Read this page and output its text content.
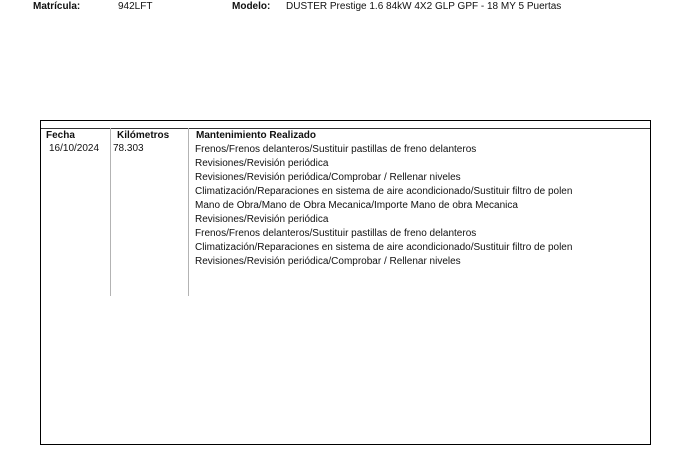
Matrícula:	942LFT	Modelo: DUSTER Prestige 1.6 84kW 4X2 GLP GPF - 18 MY 5 Puertas
Fecha	Kilómetros	Mantenimiento Realizado
16/10/2024 78.303	Frenos/Frenos delanteros/Sustituir pastillas de freno delanteros
Revisiones/Revisión periódica
Revisiones/Revisión periódica/Comprobar / Rellenar niveles
Climatización/Reparaciones en sistema de aire acondicionado/Sustituir filtro de polen
Mano de Obra/Mano de Obra Mecanica/Importe Mano de obra Mecanica
Revisiones/Revisión periódica
Frenos/Frenos delanteros/Sustituir pastillas de freno delanteros
Climatización/Reparaciones en sistema de aire acondicionado/Sustituir filtro de polen
Revisiones/Revisión periódica/Comprobar / Rellenar niveles
